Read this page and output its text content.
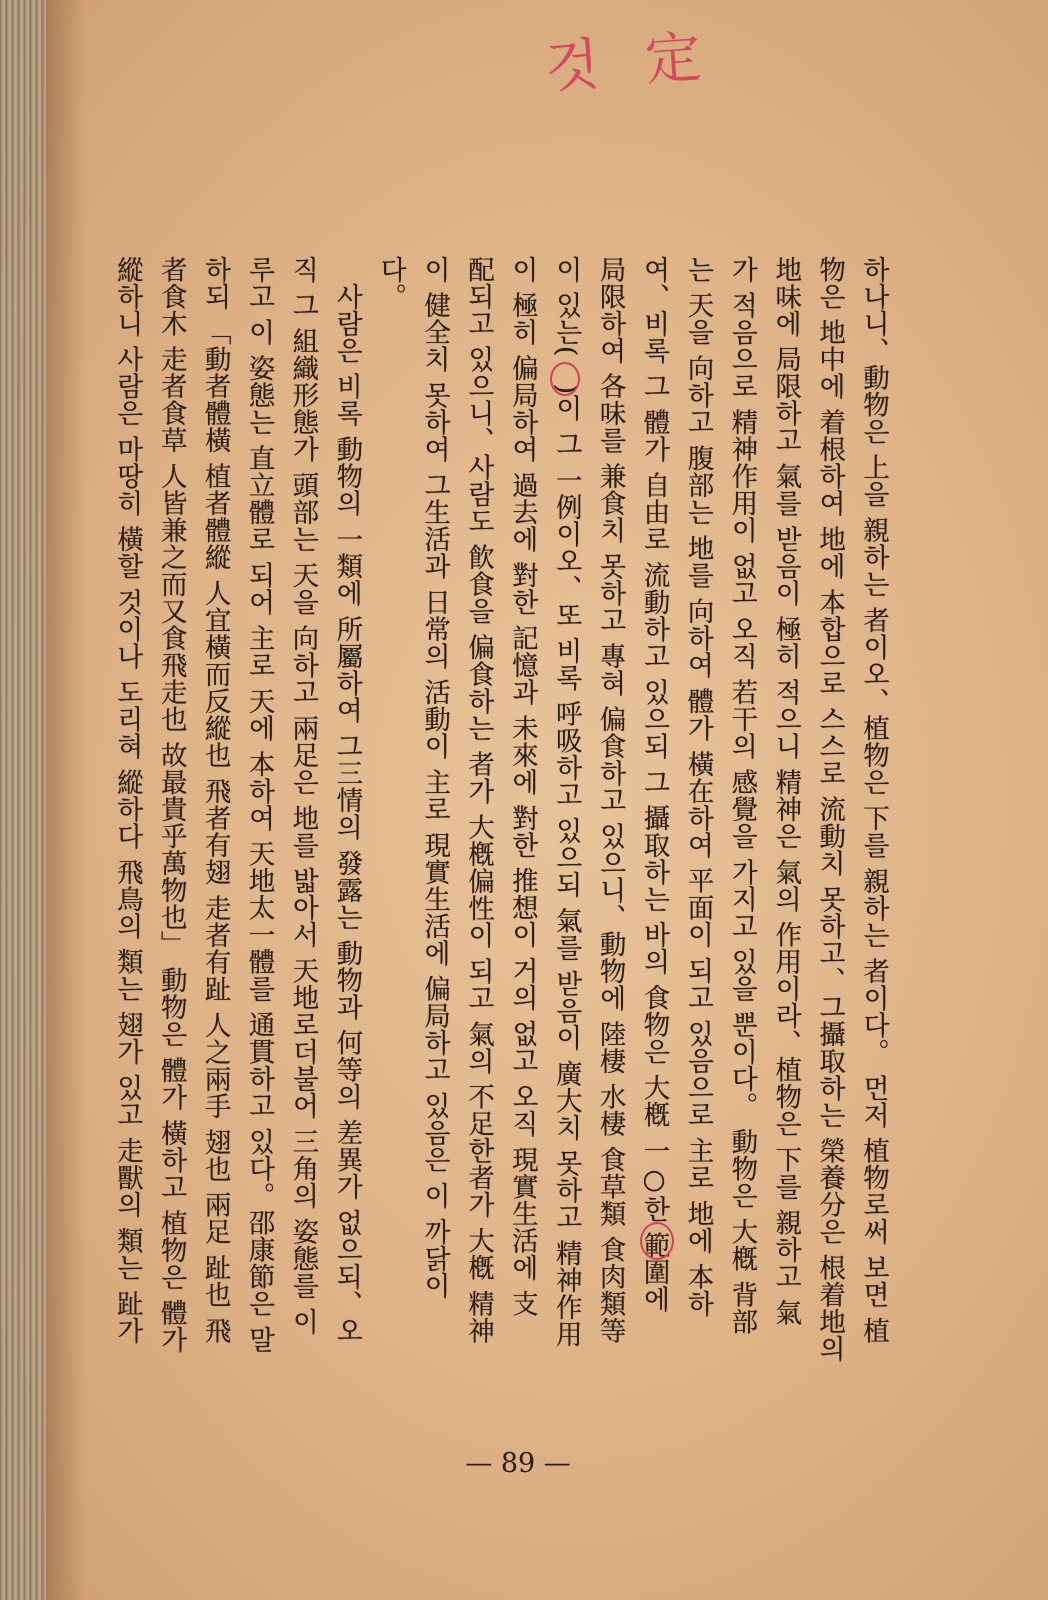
것 定
하나니、動物은 上을 親하는 者이오、植物은 下를 親하는 者이다。 먼저 植物로써 보면 植
物은 地中에 着根하여 地에 本합으로 스스로 流動치 못하고、그攝取하는 榮養分은 根着地의
地味에 局限하고 氣를 받음이 極히 적으니 精神은 氣의 作用이라、植物은 下를 親하고 氣
가 적음으로 精神作用이 없고 오직 若干의 感覺을 가지고 있을 뿐이다。 動物은 大槪 背部
는 天을 向하고 腹部는 地를 向하여 體가 橫在하여 平面이 되고 있음으로 主로 地에 本하
여、비록 그 體가 自由로 流動하고 있으되 그 攝取하는 바의 食物은 大槪 一○한 範圍에
局限하여 各味를 兼食치 못하고 專혀 偏食하고 있으니、動物에 陸棲 水棲 食草類 食肉類等
이 있는(　)이 그 一例이오、또 비록 呼吸하고 있으되 氣를 받음이 廣大치 못하고 精神作用
이 極히 偏局하여 過去에 對한 記憶과 未來에 對한 推想이 거의 없고 오직 現實生活에 支
配되고 있으니、사람도 飮食을 偏食하는 者가 大槪偏性이 되고 氣의 不足한者가 大槪 精神
이 健全치 못하여 그生活과 日常의 活動이 主로 現實生活에 偏局하고 있음은 이 까닭이
다。
　사람은 비록 動物의 一類에 所屬하여 그三情의 發露는 動物과 何等의 差異가 없으되、오
직 그 組織形態가 頭部는 天을 向하고 兩足은 地를 밟아서 天地로더불어 三角의 姿態를 이
루고 이 姿態는 直立體로 되어 主로 天에 本하여 天地太一體를 通貫하고 있다。邵康節은 말
하되 「動者體橫 植者體縱 人宜橫而反縱也 飛者有翅 走者有趾 人之兩手 翅也 兩足 趾也 飛
者食木 走者食草 人皆兼之而又食飛走也 故最貴乎萬物也」 動物은 體가 橫하고 植物은 體가
縱하니 사람은 마땅히 橫할 것이나 도리혀 縱하다 飛鳥의 類는 翅가 있고 走獸의 類는 趾가
— 89 —
